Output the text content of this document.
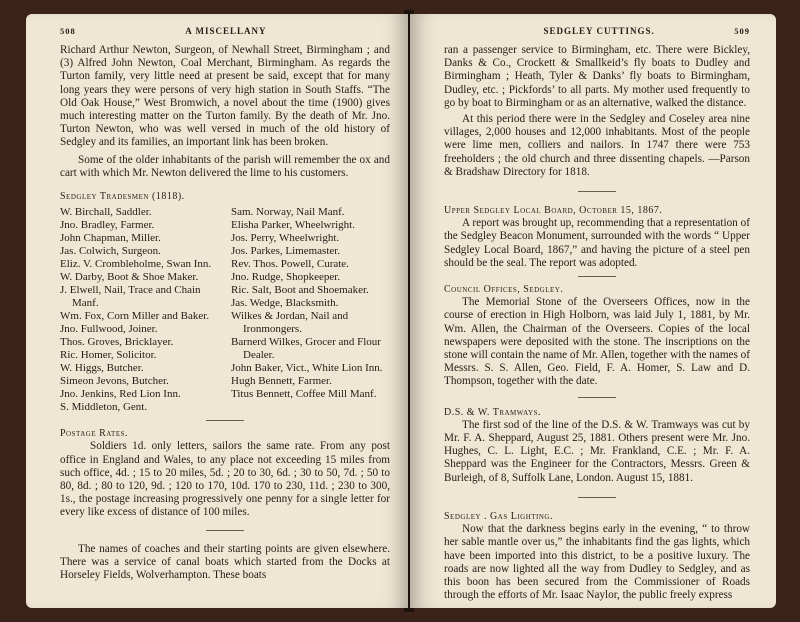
508	A MISCELLANY

Richard Arthur Newton, Surgeon, of Newhall Street, Birmingham ; and (3) Alfred John Newton, Coal Merchant, Birmingham. As regards the Turton family, very little need at present be said, except that for many long years they were persons of very high station in South Staffs. “The Old Oak House,” West Bromwich, a novel about the time (1900) gives much interesting matter on the Turton family. By the death of Mr. Jno. Turton Newton, who was well versed in much of the old history of Sedgley and its families, an important link has been broken.

Some of the older inhabitants of the parish will remember the ox and cart with which Mr. Newton delivered the lime to his customers.

Sedgley Tradesmen (1818).

W. Birchall, Saddler.
Jno. Bradley, Farmer.
John Chapman, Miller.
Jas. Colwich, Surgeon.
Eliz. V. Crombleholme, Swan Inn.
W. Darby, Boot & Shoe Maker.
J. Elwell, Nail, Trace and Chain Manf.
Wm. Fox, Corn Miller and Baker.
Jno. Fullwood, Joiner.
Thos. Groves, Bricklayer.
Ric. Homer, Solicitor.
W. Higgs, Butcher.
Simeon Jevons, Butcher.
Jno. Jenkins, Red Lion Inn.
S. Middleton, Gent.
Sam. Norway, Nail Manf.
Elisha Parker, Wheelwright.
Jos. Perry, Wheelwright.
Jos. Parkes, Limemaster.
Rev. Thos. Powell, Curate.
Jno. Rudge, Shopkeeper.
Ric. Salt, Boot and Shoemaker.
Jas. Wedge, Blacksmith.
Wilkes & Jordan, Nail and Ironmongers.
Barnerd Wilkes, Grocer and Flour Dealer.
John Baker, Vict., White Lion Inn.
Hugh Bennett, Farmer.
Titus Bennett, Coffee Mill Manf.

Postage Rates.

Soldiers 1d. only letters, sailors the same rate. From any post office in England and Wales, to any place not exceeding 15 miles from such office, 4d. ; 15 to 20 miles, 5d. ; 20 to 30, 6d. ; 30 to 50, 7d. ; 50 to 80, 8d. ; 80 to 120, 9d. ; 120 to 170, 10d. 170 to 230, 11d. ; 230 to 300, 1s., the postage increasing progressively one penny for a single letter for every like excess of distance of 100 miles.

The names of coaches and their starting points are given elsewhere. There was a service of canal boats which started from the Docks at Horseley Fields, Wolverhampton. These boats

SEDGLEY CUTTINGS.	509

ran a passenger service to Birmingham, etc. There were Bickley, Danks & Co., Crockett & Smallkeid’s fly boats to Dudley and Birmingham ; Heath, Tyler & Danks’ fly boats to Birmingham, Dudley, etc. ; Pickfords’ to all parts. My mother used frequently to go by boat to Birmingham or as an alternative, walked the distance.

At this period there were in the Sedgley and Coseley area nine villages, 2,000 houses and 12,000 inhabitants. Most of the people were lime men, colliers and nailors. In 1747 there were 753 freeholders ; the old church and three dissenting chapels. —Parson & Bradshaw Directory for 1818.

Upper Sedgley Local Board, October 15, 1867.

A report was brought up, recommending that a representation of the Sedgley Beacon Monument, surrounded with the words “ Upper Sedgley Local Board, 1867,” and having the picture of a steel pen should be the seal. The report was adopted.

Council Offices, Sedgley.

The Memorial Stone of the Overseers Offices, now in the course of erection in High Holborn, was laid July 1, 1881, by Mr. Wm. Allen, the Chairman of the Overseers. Copies of the local newspapers were deposited with the stone. The inscriptions on the stone will contain the name of Mr. Allen, together with the names of Messrs. S. S. Allen, Geo. Field, F. A. Homer, S. Law and D. Thompson, together with the date.

D.S. & W. Tramways.

The first sod of the line of the D.S. & W. Tramways was cut by Mr. F. A. Sheppard, August 25, 1881. Others present were Mr. Jno. Hughes, C. L. Light, E.C. ; Mr. Frankland, C.E. ; Mr. F. A. Sheppard was the Engineer for the Contractors, Messrs. Green & Burleigh, of 8, Suffolk Lane, London. August 15, 1881.

Sedgley . Gas Lighting.

Now that the darkness begins early in the evening, “ to throw her sable mantle over us,” the inhabitants find the gas lights, which have been imported into this district, to be a positive luxury. The roads are now lighted all the way from Dudley to Sedgley, and as this boon has been secured from the Commissioner of Roads through the efforts of Mr. Isaac Naylor, the public freely express
